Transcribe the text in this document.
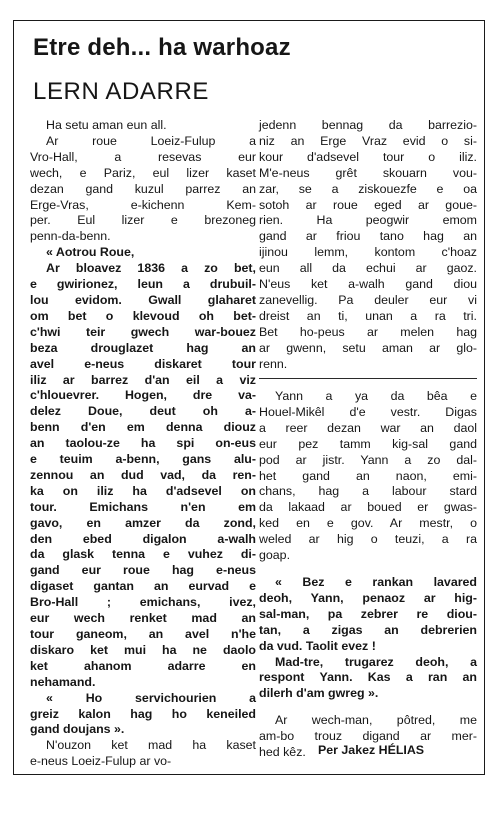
Etre deh... ha warhoaz
LERN ADARRE

Ha setu aman eun all.

Ar roue Loeiz-Fulup a
Vro-Hall, a resevas eur
wech, e Pariz, eul lizer kaset
dezan gand kuzul parrez an
Erge-Vras, e-kichenn Kem-
per. Eul lizer e brezoneg
penn-da-benn.

« Aotrou Roue,

Ar bloavez 1836 a zo bet,
e gwirionez, leun a drubuil-
lou evidom. Gwall glaharet
om bet o klevoud oh bet-
c'hwi teir gwech war-bouez
beza drouglazet hag an
avel e-neus diskaret tour
iliz ar barrez d'an eil a viz
c'hlouevrer. Hogen, dre va-
delez Doue, deut oh a-
benn d'en em denna diouz
an taolou-ze ha spi on-eus
e teuim a-benn, gans alu-
zennou an dud vad, da ren-
ka on iliz ha d'adsevel on
tour. Emichans n'en em
gavo, en amzer da zond,
den ebed digalon a-walh
da glask tenna e vuhez di-
gand eur roue hag e-neus
digaset gantan an eurvad e
Bro-Hall ; emichans, ivez,
eur wech renket mad an
tour ganeom, an avel n'he
diskaro ket mui ha ne daolo
ket ahanom adarre en
nehamand.

« Ho servichourien a
greiz kalon hag ho keneiled
gand doujans ».

N'ouzon ket mad ha kaset
e-neus Loeiz-Fulup ar vo-

jedenn bennag da barrezio-
niz an Erge Vraz evid o si-
kour d'adsevel tour o iliz.
M'e-neus grêt skouarn vou-
zar, se a ziskouezfe e oa
sotoh ar roue eged ar goue-
rien. Ha peogwir emom
gand ar friou tano hag an
ijinou lemm, kontom c'hoaz
eun all da echui ar gaoz.
N'eus ket a-walh gand diou
zanevellig. Pa deuler eur vi
dreist an ti, unan a ra tri.
Bet ho-peus ar melen hag
ar gwenn, setu aman ar glo-
renn.

Yann a ya da bêa e
Houel-Mikêl d'e vestr. Digas
a reer dezan war an daol
eur pez tamm kig-sal gand
pod ar jistr. Yann a zo dal-
het gand an naon, emi-
chans, hag a labour stard
da lakaad ar boued er gwas-
ked en e gov. Ar mestr, o
weled ar hig o teuzi, a ra
goap.

« Bez e rankan lavared
deoh, Yann, penaoz ar hig-
sal-man, pa zebrer re diou-
tan, a zigas an debrerien
da vud. Taolit evez !

Mad-tre, trugarez deoh, a
respont Yann. Kas a ran an
dilerh d'am gwreg ».

Ar wech-man, pôtred, me
am-bo trouz digand ar mer-
hed kêz. Per Jakez HÉLIAS
